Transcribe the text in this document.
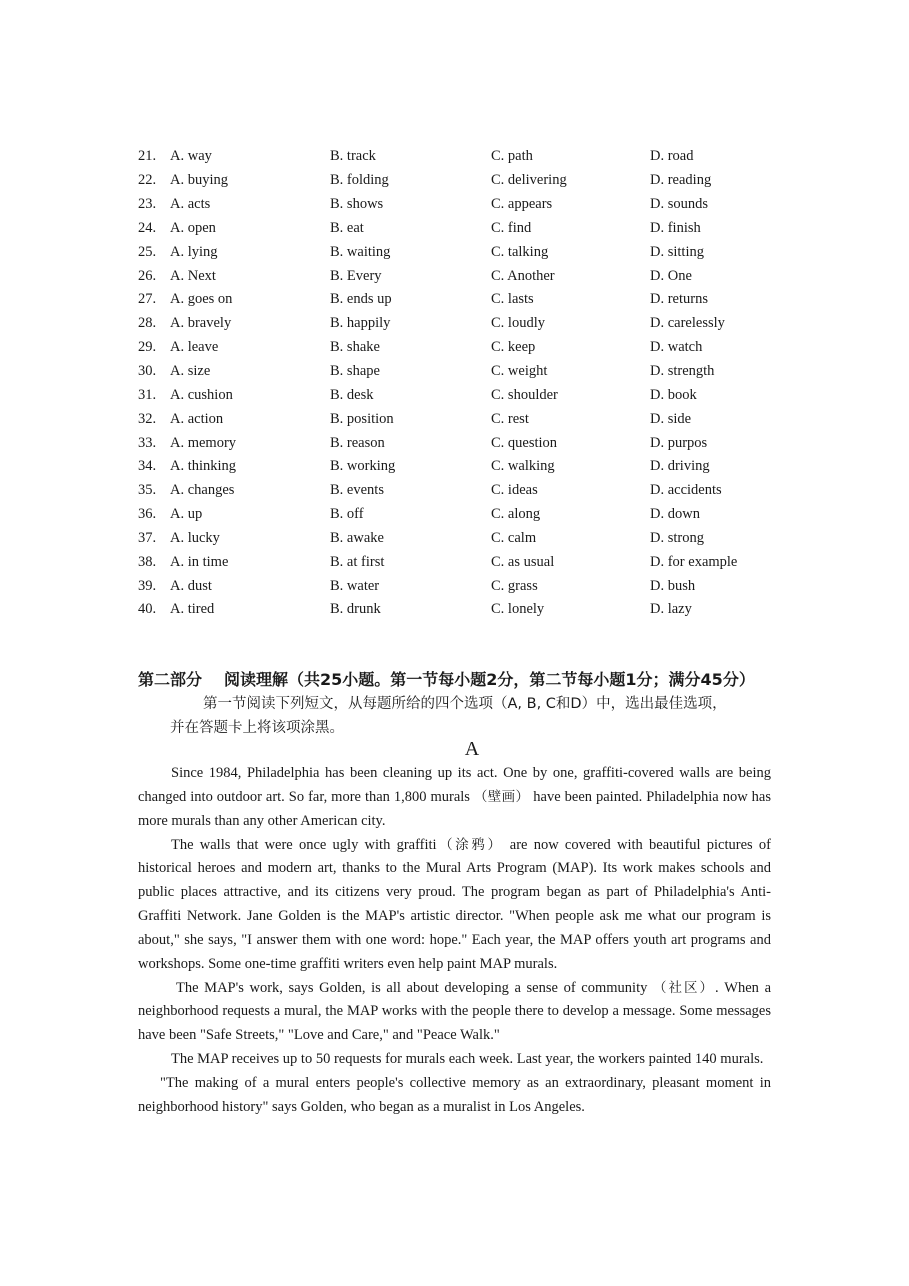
21. A. way	B. track	C. path	D. road
22. A. buying	B. folding	C. delivering	D. reading
23. A. acts	B. shows	C. appears	D. sounds
24. A. open	B. eat	C. find	D. finish
25. A. lying	B. waiting	C. talking	D. sitting
26. A. Next	B. Every	C. Another	D. One
27. A. goes on	B. ends up	C. lasts	D. returns
28. A. bravely	B. happily	C. loudly	D. carelessly
29. A. leave	B. shake	C. keep	D. watch
30. A. size	B. shape	C. weight	D. strength
31. A. cushion	B. desk	C. shoulder	D. book
32. A. action	B. position	C. rest	D. side
33. A. memory	B. reason	C. question	D. purpos
34. A. thinking	B. working	C. walking	D. driving
35. A. changes	B. events	C. ideas	D. accidents
36. A. up	B. off	C. along	D. down
37. A. lucky	B. awake	C. calm	D. strong
38. A. in time	B. at first	C. as usual	D. for example
39. A. dust	B. water	C. grass	D. bush
40. A. tired	B. drunk	C. lonely	D. lazy
第二部分 阅读理解（共25小题。第一节每小题2分，第二节每小题1分；满分45分）
第一节阅读下列短文，从每题所给的四个选项（A, B, C和D）中，选出最佳选项，
并在答题卡上将该项涂黑。
A

Since 1984, Philadelphia has been cleaning up its act. One by one, graffiti-covered walls are being changed into outdoor art. So far, more than 1,800 murals （壁画） have been painted. Philadelphia now has more murals than any other American city.

The walls that were once ugly with graffiti（涂鸦） are now covered with beautiful pictures of historical heroes and modern art, thanks to the Mural Arts Program (MAP). Its work makes schools and public places attractive, and its citizens very proud. The program began as part of Philadelphia's Anti-Graffiti Network. Jane Golden is the MAP's artistic director. "When people ask me what our program is about," she says, "I answer them with one word: hope." Each year, the MAP offers youth art programs and workshops. Some one-time graffiti writers even help paint MAP murals.

The MAP's work, says Golden, is all about developing a sense of community （社区）. When a neighborhood requests a mural, the MAP works with the people there to develop a message. Some messages have been "Safe Streets," "Love and Care," and "Peace Walk."

The MAP receives up to 50 requests for murals each week. Last year, the workers painted 140 murals.

"The making of a mural enters people's collective memory as an extraordinary, pleasant moment in neighborhood history" says Golden, who began as a muralist in Los Angeles.
